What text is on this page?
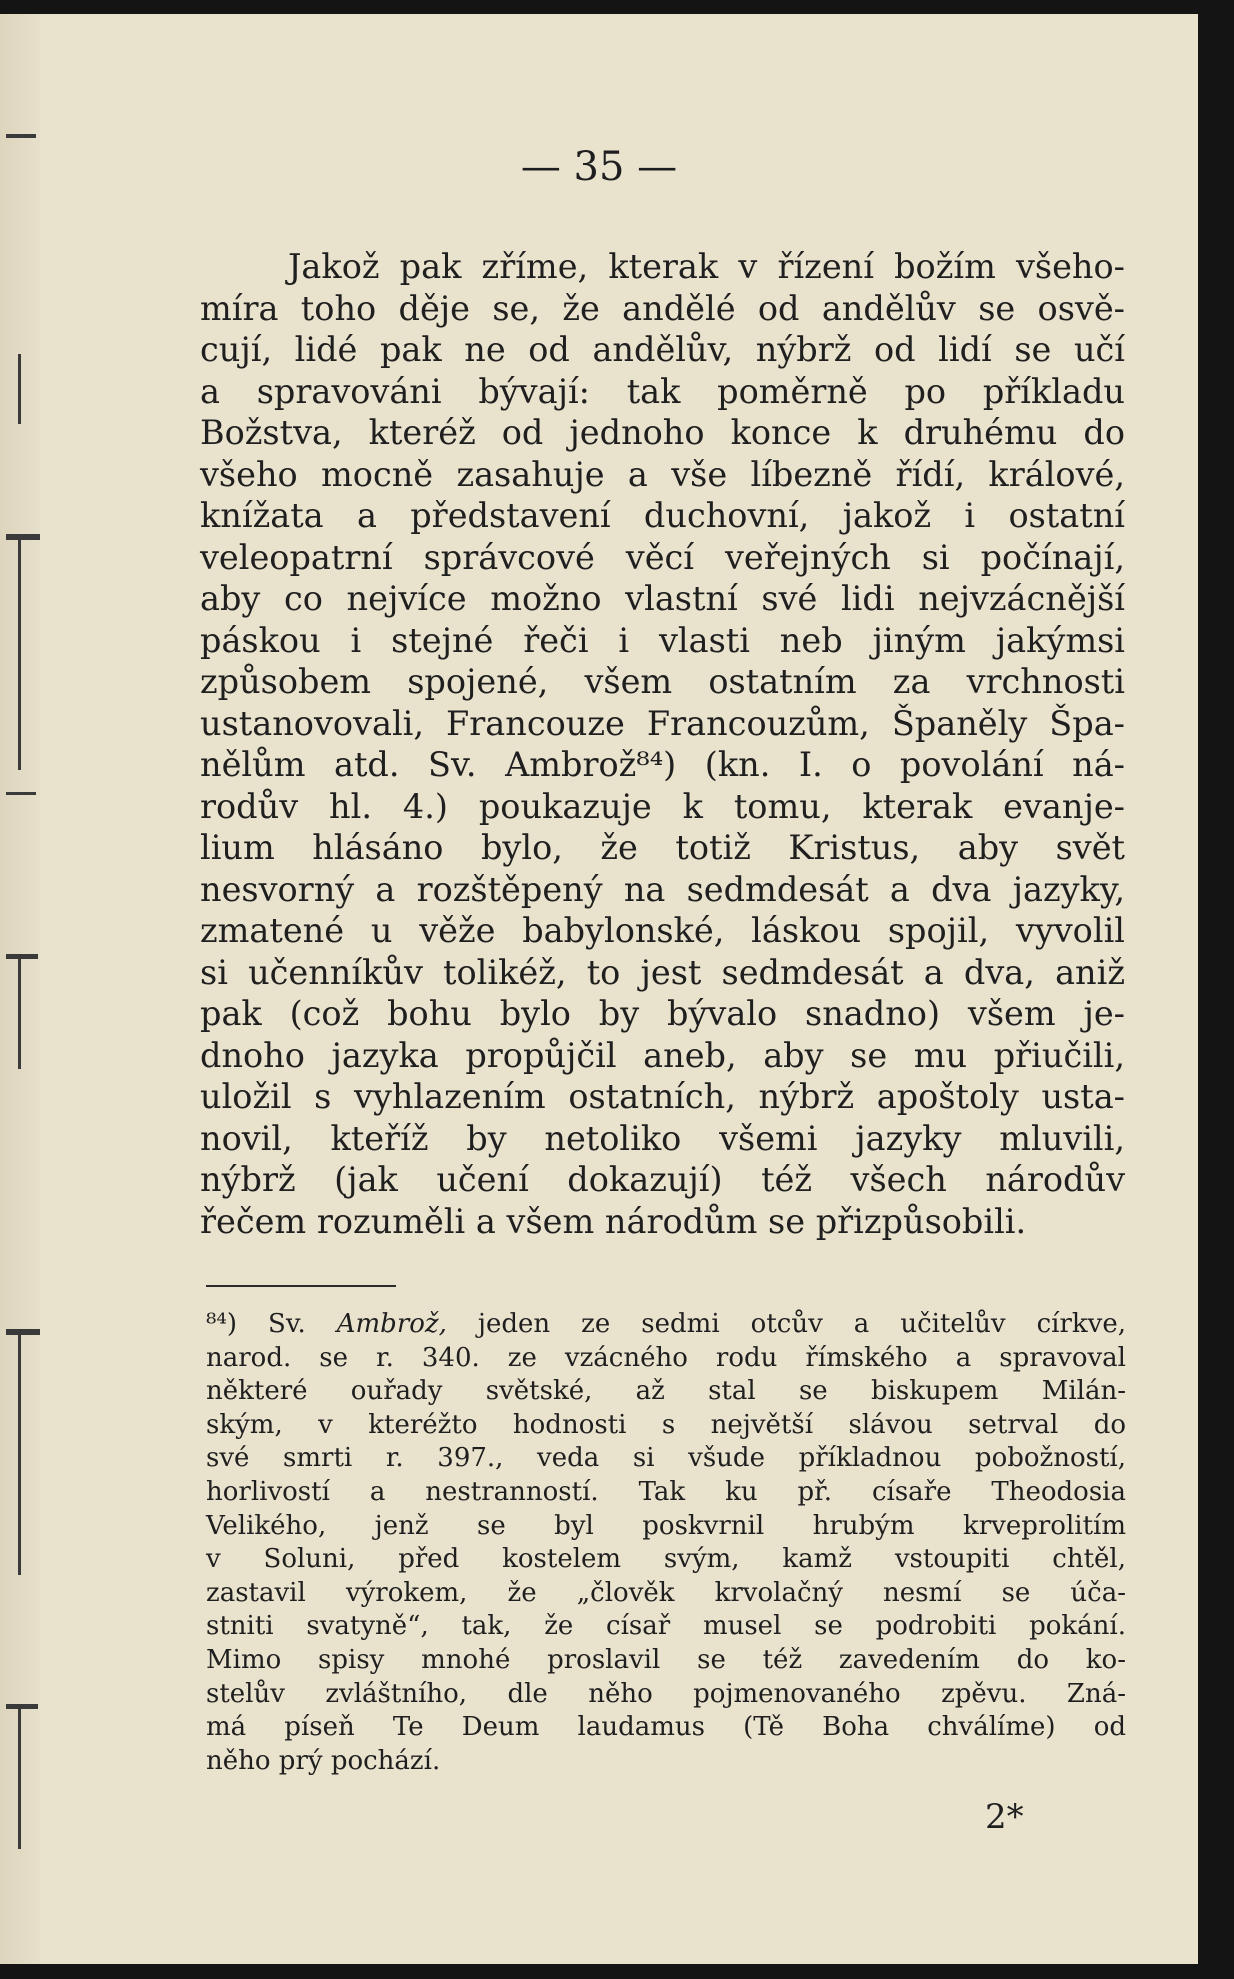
— 35 —
Jakož pak zříme, kterak v řízení božím všeho-
míra toho děje se, že andělé od andělův se osvě-
cují, lidé pak ne od andělův, nýbrž od lidí se učí
a spravováni bývají: tak poměrně po příkladu
Božstva, kteréž od jednoho konce k druhému do
všeho mocně zasahuje a vše líbezně řídí, králové,
knížata a představení duchovní, jakož i ostatní
veleopatrní správcové věcí veřejných si počínají,
aby co nejvíce možno vlastní své lidi nejvzácnější
páskou i stejné řeči i vlasti neb jiným jakýmsi
způsobem spojené, všem ostatním za vrchnosti
ustanovovali, Francouze Francouzům, Španěly Špa-
nělům atd. Sv. Ambrož⁸⁴) (kn. I. o povolání ná-
rodův hl. 4.) poukazuje k tomu, kterak evanje-
lium hlásáno bylo, že totiž Kristus, aby svět
nesvorný a rozštěpený na sedmdesát a dva jazyky,
zmatené u věže babylonské, láskou spojil, vyvolil
si učenníkův tolikéž, to jest sedmdesát a dva, aniž
pak (což bohu bylo by bývalo snadno) všem je-
dnoho jazyka propůjčil aneb, aby se mu přiučili,
uložil s vyhlazením ostatních, nýbrž apoštoly usta-
novil, kteříž by netoliko všemi jazyky mluvili,
nýbrž (jak učení dokazují) též všech národův
řečem rozuměli a všem národům se přizpůsobili.
⁸⁴) Sv. Ambrož, jeden ze sedmi otcův a učitelův církve,
narod. se r. 340. ze vzácného rodu římského a spravoval
některé ouřady světské, až stal se biskupem Milán-
ským, v kteréžto hodnosti s největší slávou setrval do
své smrti r. 397., veda si všude příkladnou pobožností,
horlivostí a nestranností. Tak ku př. císaře Theodosia
Velikého, jenž se byl poskvrnil hrubým krveprolitím
v Soluni, před kostelem svým, kamž vstoupiti chtěl,
zastavil výrokem, že „člověk krvolačný nesmí se úča-
stniti svatyně“, tak, že císař musel se podrobiti pokání.
Mimo spisy mnohé proslavil se též zavedením do ko-
stelův zvláštního, dle něho pojmenovaného zpěvu. Zná-
má píseň Te Deum laudamus (Tě Boha chválíme) od
něho prý pochází.
2*
